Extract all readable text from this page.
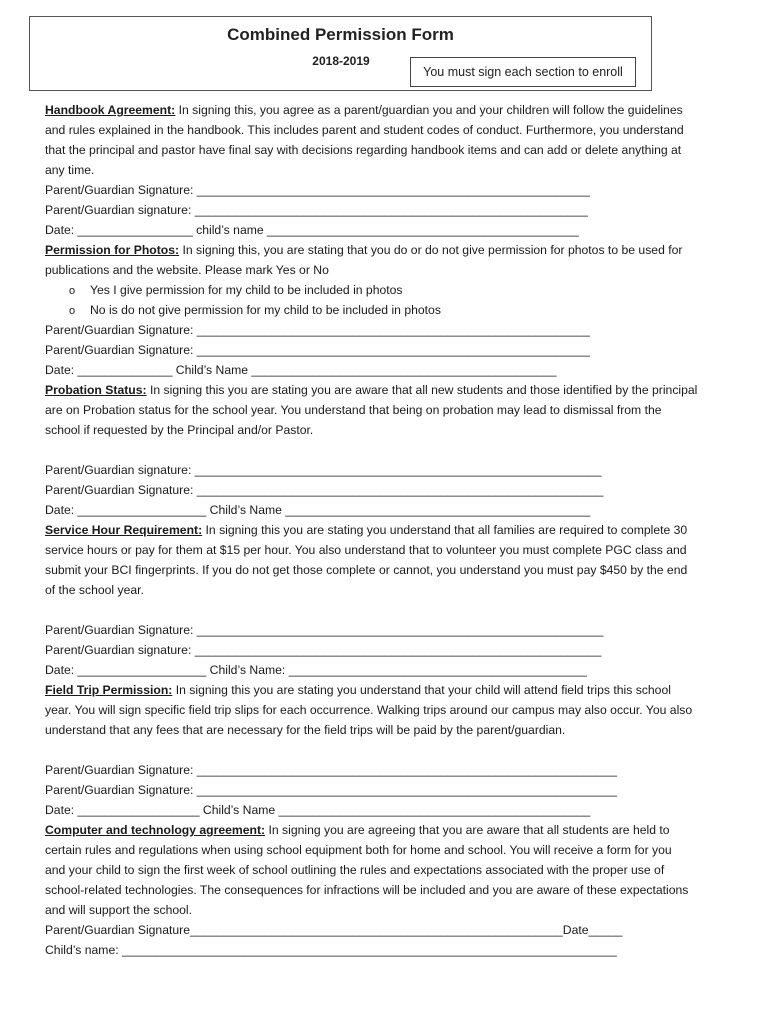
Combined Permission Form
2018-2019
You must sign each section to enroll
Handbook Agreement: In signing this, you agree as a parent/guardian you and your children will follow the guidelines
and rules explained in the handbook. This includes parent and student codes of conduct. Furthermore, you understand
that the principal and pastor have final say with decisions regarding handbook items and can add or delete anything at
any time.
Parent/Guardian Signature: __________________________________________________________
Parent/Guardian signature: __________________________________________________________
Date: _________________ child’s name ______________________________________________
Permission for Photos: In signing this, you are stating that you do or do not give permission for photos to be used for
publications and the website. Please mark Yes or No
o Yes I give permission for my child to be included in photos
o No is do not give permission for my child to be included in photos
Parent/Guardian Signature: __________________________________________________________
Parent/Guardian Signature: __________________________________________________________
Date: ______________ Child’s Name _____________________________________________
Probation Status: In signing this you are stating you are aware that all new students and those identified by the principal
are on Probation status for the school year. You understand that being on probation may lead to dismissal from the
school if requested by the Principal and/or Pastor.
Parent/Guardian signature: ____________________________________________________________
Parent/Guardian Signature: ____________________________________________________________
Date: ___________________ Child’s Name _____________________________________________
Service Hour Requirement: In signing this you are stating you understand that all families are required to complete 30
service hours or pay for them at $15 per hour. You also understand that to volunteer you must complete PGC class and
submit your BCI fingerprints. If you do not get those complete or cannot, you understand you must pay $450 by the end
of the school year.
Parent/Guardian Signature: ____________________________________________________________
Parent/Guardian signature: ____________________________________________________________
Date: ___________________ Child’s Name: ____________________________________________
Field Trip Permission: In signing this you are stating you understand that your child will attend field trips this school
year. You will sign specific field trip slips for each occurrence. Walking trips around our campus may also occur. You also
understand that any fees that are necessary for the field trips will be paid by the parent/guardian.
Parent/Guardian Signature: ______________________________________________________________
Parent/Guardian Signature: ______________________________________________________________
Date: __________________ Child’s Name ______________________________________________
Computer and technology agreement: In signing you are agreeing that you are aware that all students are held to
certain rules and regulations when using school equipment both for home and school. You will receive a form for you
and your child to sign the first week of school outlining the rules and expectations associated with the proper use of
school-related technologies. The consequences for infractions will be included and you are aware of these expectations
and will support the school.
Parent/Guardian Signature_______________________________________________________Date_____
Child’s name: _________________________________________________________________________
